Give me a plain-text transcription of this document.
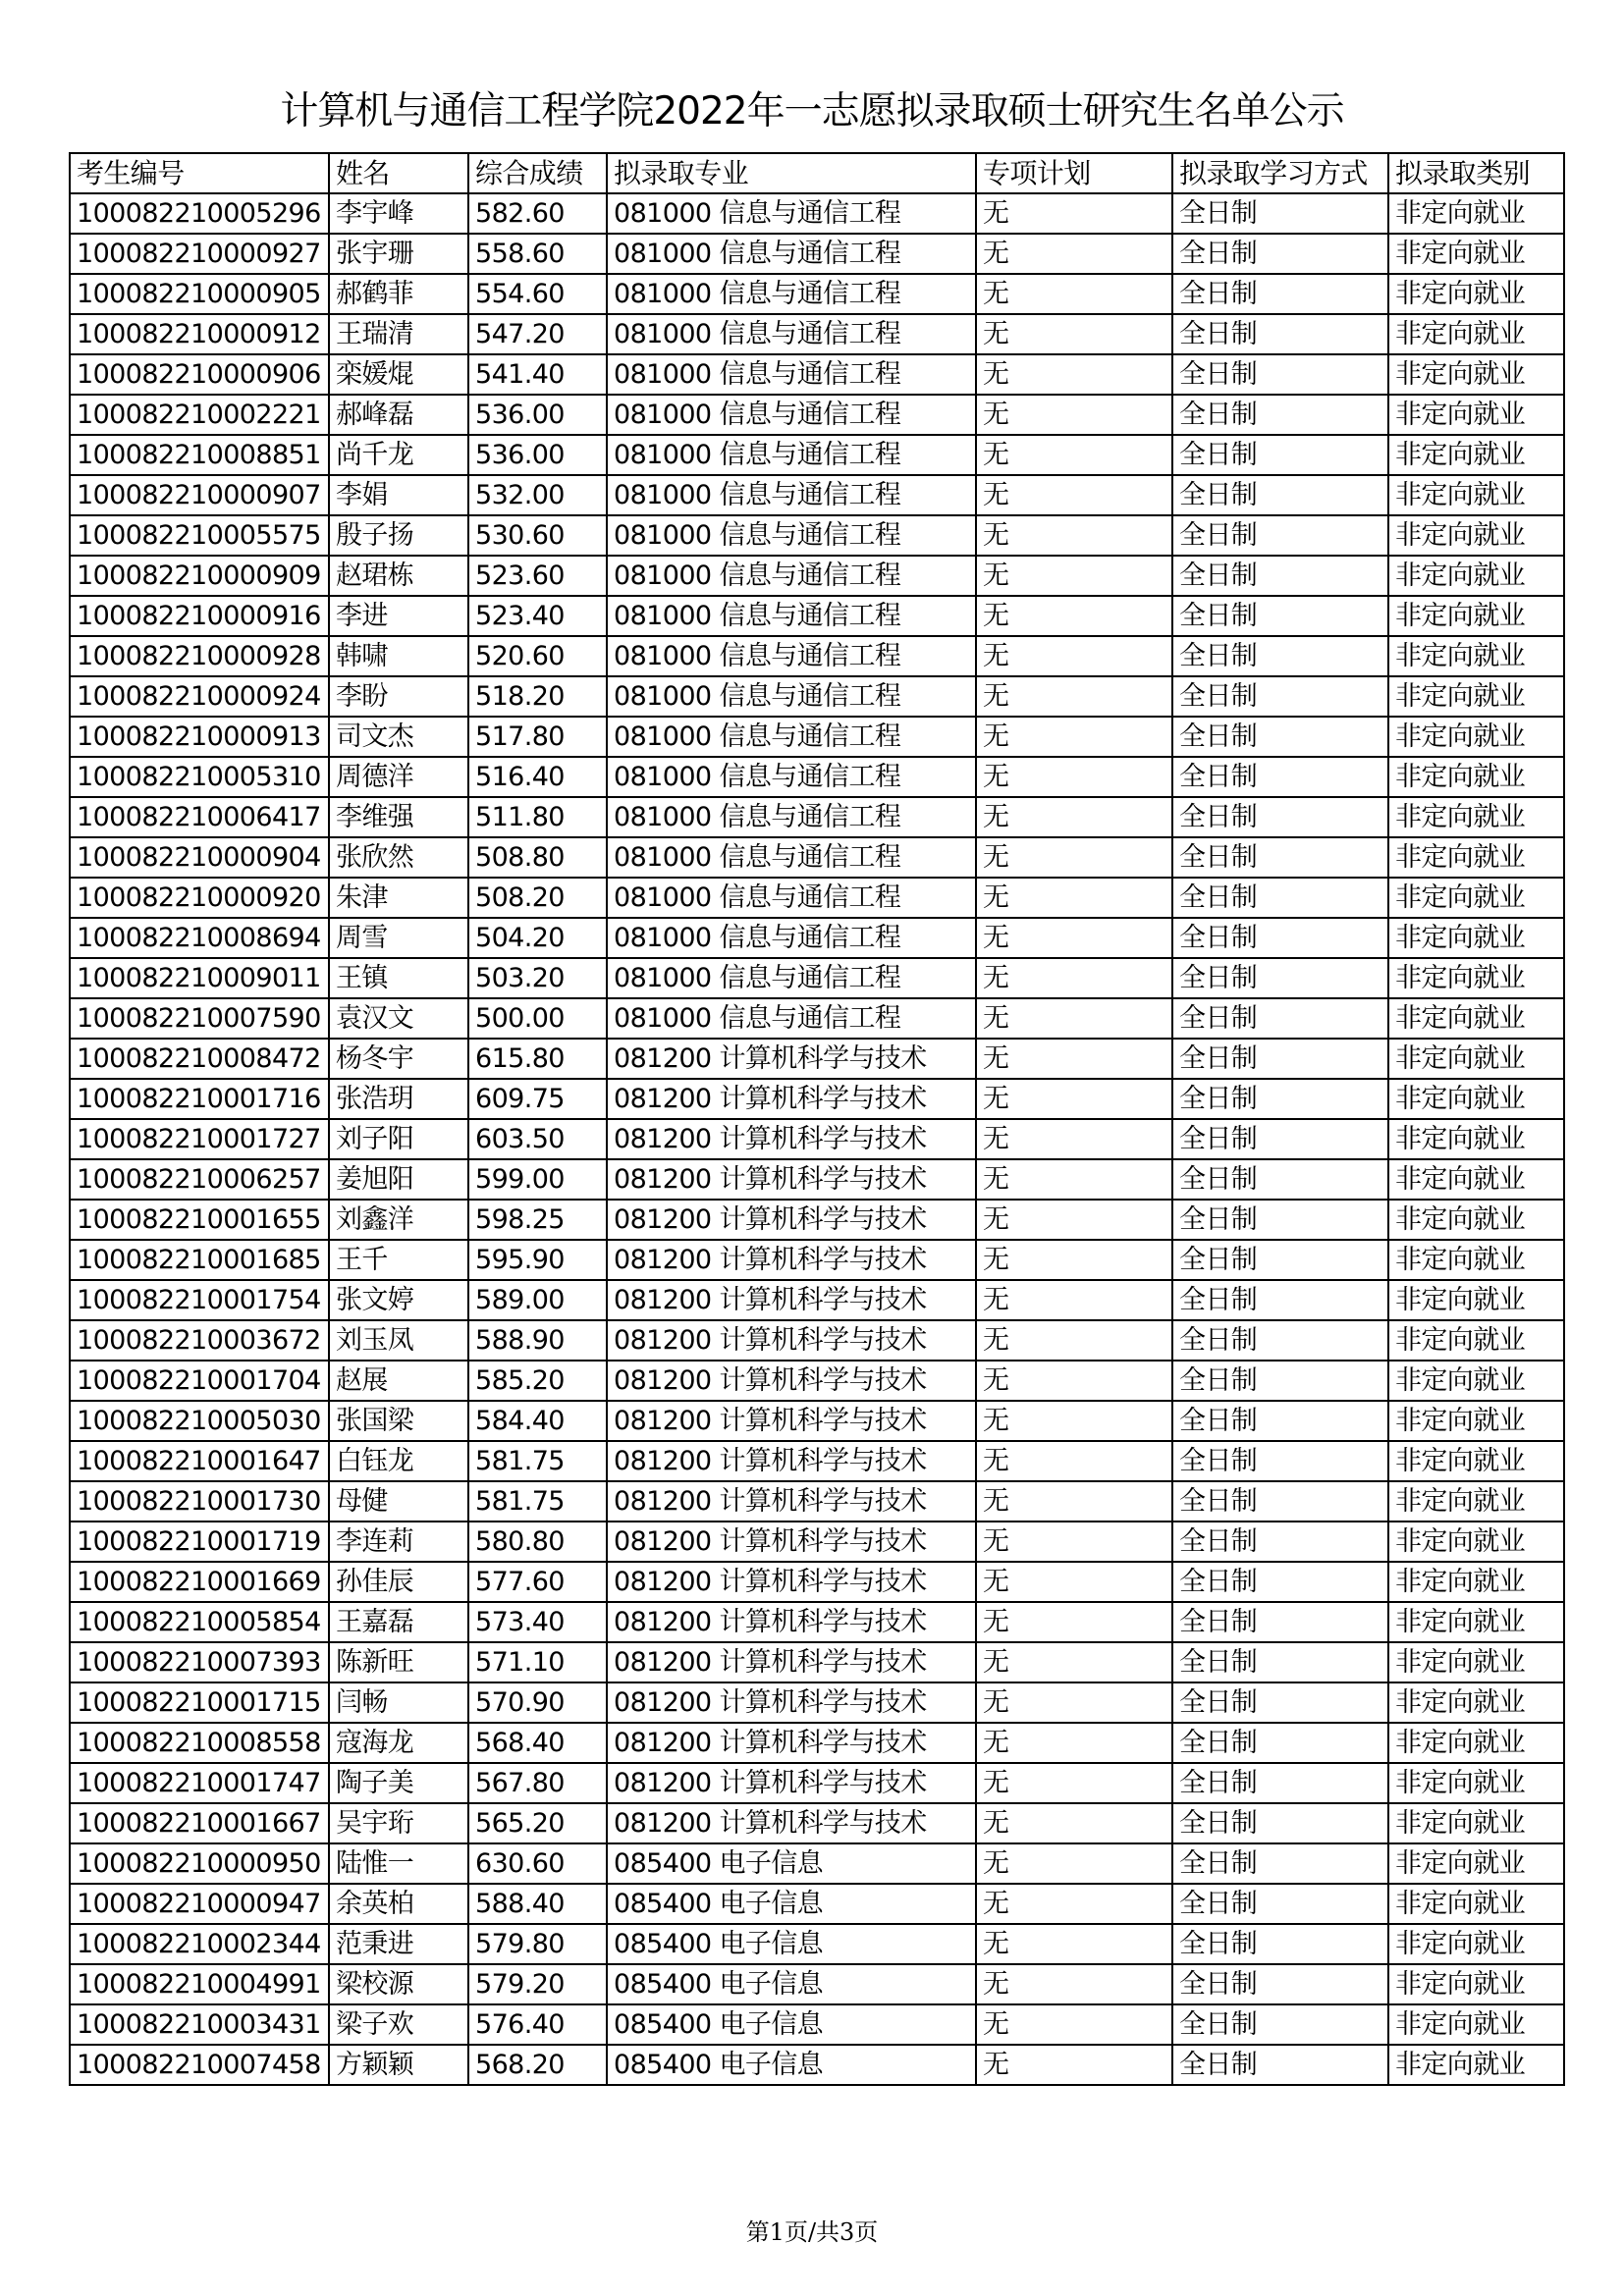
计算机与通信工程学院2022年一志愿拟录取硕士研究生名单公示
考生编号	姓名	综合成绩	拟录取专业	专项计划	拟录取学习方式	拟录取类别
100082210005296	李宇峰	582.60	081000 信息与通信工程	无	全日制	非定向就业
100082210000927	张宇珊	558.60	081000 信息与通信工程	无	全日制	非定向就业
100082210000905	郝鹤菲	554.60	081000 信息与通信工程	无	全日制	非定向就业
100082210000912	王瑞清	547.20	081000 信息与通信工程	无	全日制	非定向就业
100082210000906	栾媛焜	541.40	081000 信息与通信工程	无	全日制	非定向就业
100082210002221	郝峰磊	536.00	081000 信息与通信工程	无	全日制	非定向就业
100082210008851	尚千龙	536.00	081000 信息与通信工程	无	全日制	非定向就业
100082210000907	李娟	532.00	081000 信息与通信工程	无	全日制	非定向就业
100082210005575	殷子扬	530.60	081000 信息与通信工程	无	全日制	非定向就业
100082210000909	赵珺栋	523.60	081000 信息与通信工程	无	全日制	非定向就业
100082210000916	李进	523.40	081000 信息与通信工程	无	全日制	非定向就业
100082210000928	韩啸	520.60	081000 信息与通信工程	无	全日制	非定向就业
100082210000924	李盼	518.20	081000 信息与通信工程	无	全日制	非定向就业
100082210000913	司文杰	517.80	081000 信息与通信工程	无	全日制	非定向就业
100082210005310	周德洋	516.40	081000 信息与通信工程	无	全日制	非定向就业
100082210006417	李维强	511.80	081000 信息与通信工程	无	全日制	非定向就业
100082210000904	张欣然	508.80	081000 信息与通信工程	无	全日制	非定向就业
100082210000920	朱津	508.20	081000 信息与通信工程	无	全日制	非定向就业
100082210008694	周雪	504.20	081000 信息与通信工程	无	全日制	非定向就业
100082210009011	王镇	503.20	081000 信息与通信工程	无	全日制	非定向就业
100082210007590	袁汉文	500.00	081000 信息与通信工程	无	全日制	非定向就业
100082210008472	杨冬宇	615.80	081200 计算机科学与技术	无	全日制	非定向就业
100082210001716	张浩玥	609.75	081200 计算机科学与技术	无	全日制	非定向就业
100082210001727	刘子阳	603.50	081200 计算机科学与技术	无	全日制	非定向就业
100082210006257	姜旭阳	599.00	081200 计算机科学与技术	无	全日制	非定向就业
100082210001655	刘鑫洋	598.25	081200 计算机科学与技术	无	全日制	非定向就业
100082210001685	王千	595.90	081200 计算机科学与技术	无	全日制	非定向就业
100082210001754	张文婷	589.00	081200 计算机科学与技术	无	全日制	非定向就业
100082210003672	刘玉凤	588.90	081200 计算机科学与技术	无	全日制	非定向就业
100082210001704	赵展	585.20	081200 计算机科学与技术	无	全日制	非定向就业
100082210005030	张国梁	584.40	081200 计算机科学与技术	无	全日制	非定向就业
100082210001647	白钰龙	581.75	081200 计算机科学与技术	无	全日制	非定向就业
100082210001730	母健	581.75	081200 计算机科学与技术	无	全日制	非定向就业
100082210001719	李连莉	580.80	081200 计算机科学与技术	无	全日制	非定向就业
100082210001669	孙佳辰	577.60	081200 计算机科学与技术	无	全日制	非定向就业
100082210005854	王嘉磊	573.40	081200 计算机科学与技术	无	全日制	非定向就业
100082210007393	陈新旺	571.10	081200 计算机科学与技术	无	全日制	非定向就业
100082210001715	闫畅	570.90	081200 计算机科学与技术	无	全日制	非定向就业
100082210008558	寇海龙	568.40	081200 计算机科学与技术	无	全日制	非定向就业
100082210001747	陶子美	567.80	081200 计算机科学与技术	无	全日制	非定向就业
100082210001667	吴宇珩	565.20	081200 计算机科学与技术	无	全日制	非定向就业
100082210000950	陆惟一	630.60	085400 电子信息	无	全日制	非定向就业
100082210000947	余英柏	588.40	085400 电子信息	无	全日制	非定向就业
100082210002344	范秉进	579.80	085400 电子信息	无	全日制	非定向就业
100082210004991	梁校源	579.20	085400 电子信息	无	全日制	非定向就业
100082210003431	梁子欢	576.40	085400 电子信息	无	全日制	非定向就业
100082210007458	方颖颖	568.20	085400 电子信息	无	全日制	非定向就业
第1页/共3页
